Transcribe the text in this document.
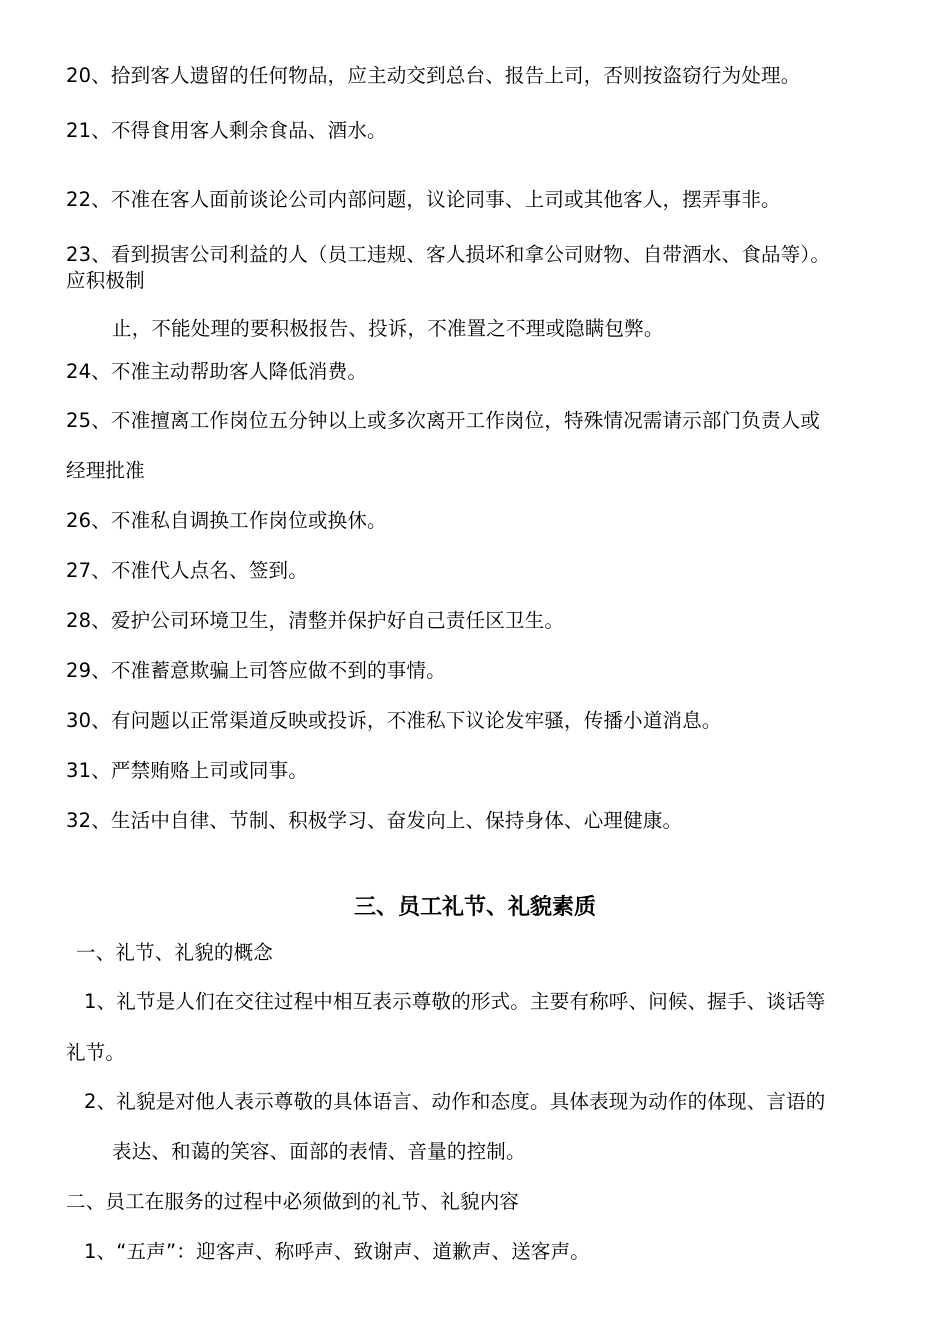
20、拾到客人遗留的任何物品，应主动交到总台、报告上司，否则按盗窃行为处理。
21、不得食用客人剩余食品、酒水。
22、不准在客人面前谈论公司内部问题，议论同事、上司或其他客人，摆弄事非。
23、看到损害公司利益的人（员工违规、客人损坏和拿公司财物、自带酒水、食品等）。
应积极制
止，不能处理的要积极报告、投诉，不准置之不理或隐瞒包弊。
24、不准主动帮助客人降低消费。
25、不准擅离工作岗位五分钟以上或多次离开工作岗位，特殊情况需请示部门负责人或
经理批准
26、不准私自调换工作岗位或换休。
27、不准代人点名、签到。
28、爱护公司环境卫生，清整并保护好自己责任区卫生。
29、不准蓄意欺骗上司答应做不到的事情。
30、有问题以正常渠道反映或投诉，不准私下议论发牢骚，传播小道消息。
31、严禁贿赂上司或同事。
32、生活中自律、节制、积极学习、奋发向上、保持身体、心理健康。
三、员工礼节、礼貌素质
一、礼节、礼貌的概念
1、礼节是人们在交往过程中相互表示尊敬的形式。主要有称呼、问候、握手、谈话等
礼节。
2、礼貌是对他人表示尊敬的具体语言、动作和态度。具体表现为动作的体现、言语的
表达、和蔼的笑容、面部的表情、音量的控制。
二、员工在服务的过程中必须做到的礼节、礼貌内容
1、“五声”：迎客声、称呼声、致谢声、道歉声、送客声。
